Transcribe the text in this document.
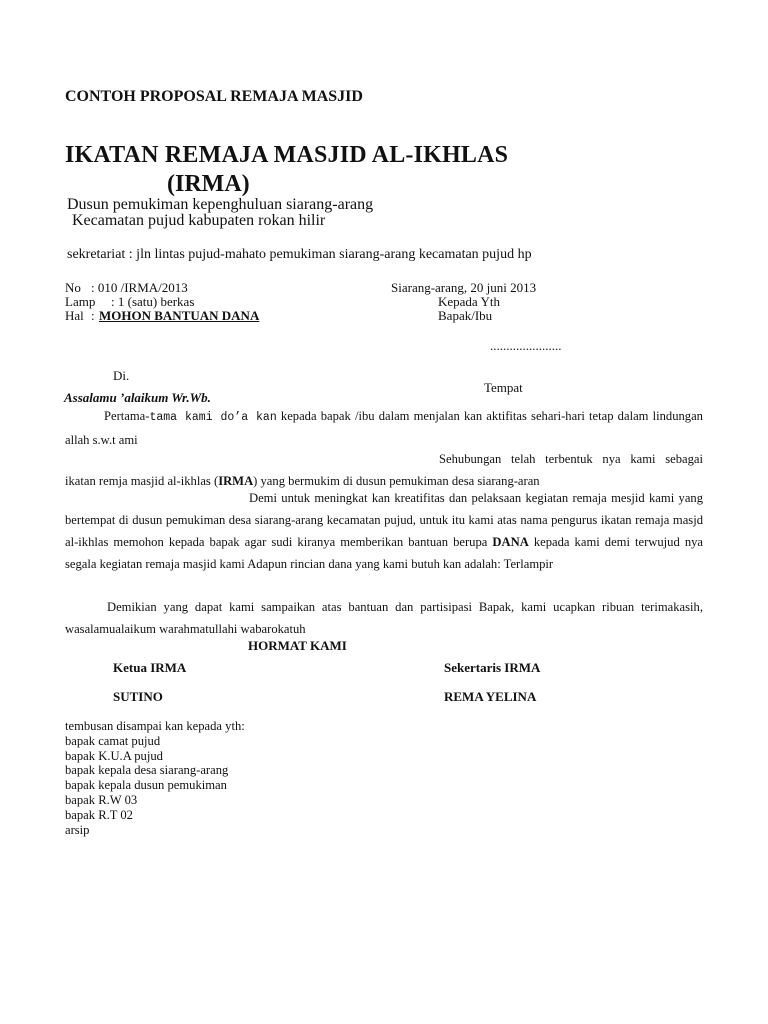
CONTOH PROPOSAL REMAJA MASJID
IKATAN REMAJA MASJID AL-IKHLAS
(IRMA)
Dusun pemukiman kepenghuluan siarang-arang
Kecamatan pujud kabupaten rokan hilir
sekretariat : jln lintas pujud-mahato pemukiman siarang-arang kecamatan pujud hp
No : 010 /IRMA/2013
Lamp : 1 (satu) berkas
Hal : MOHON BANTUAN DANA
Siarang-arang, 20 juni 2013
Kepada Yth
Bapak/Ibu
......................
Di.
Tempat
Assalamu ’alaikum Wr.Wb.
Pertama-tama kami do’a kan kepada bapak /ibu dalam menjalan kan aktifitas sehari-hari tetap dalam lindungan allah s.w.t ami
Sehubungan telah terbentuk nya kami sebagai ikatan remja masjid al-ikhlas (IRMA) yang bermukim di dusun pemukiman desa siarang-aran
Demi untuk meningkat kan kreatifitas dan pelaksaan kegiatan remaja mesjid kami yang bertempat di dusun pemukiman desa siarang-arang kecamatan pujud, untuk itu kami atas nama pengurus ikatan remaja masjd al-ikhlas memohon kepada bapak agar sudi kiranya memberikan bantuan berupa DANA kepada kami demi terwujud nya segala kegiatan remaja masjid kami Adapun rincian dana yang kami butuh kan adalah: Terlampir
Demikian yang dapat kami sampaikan atas bantuan dan partisipasi Bapak, kami ucapkan ribuan terimakasih, wasalamualaikum warahmatullahi wabarokatuh
HORMAT KAMI
Ketua IRMA	Sekertaris IRMA
SUTINO	REMA YELINA
tembusan disampai kan kepada yth:
bapak camat pujud
bapak K.U.A pujud
bapak kepala desa siarang-arang
bapak kepala dusun pemukiman
bapak R.W 03
bapak R.T 02
arsip
